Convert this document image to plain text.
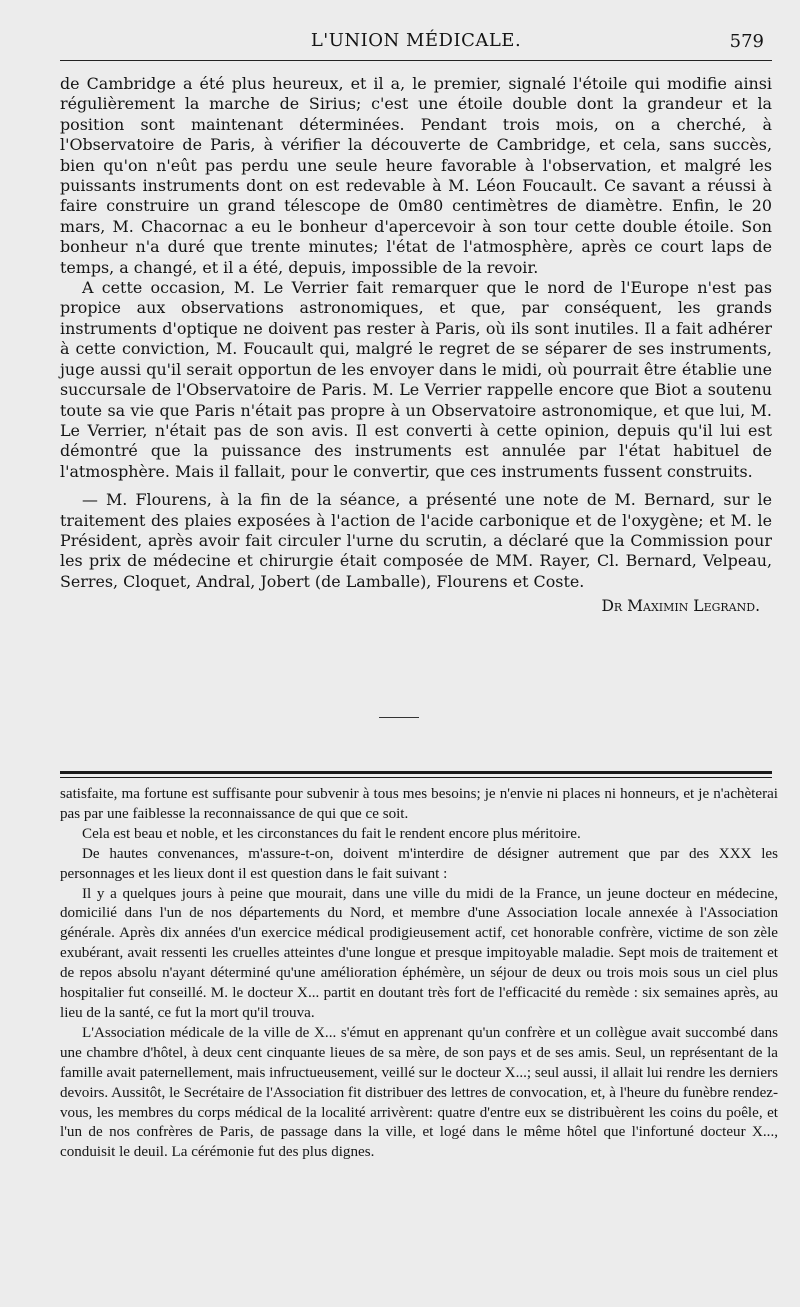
L'UNION MÉDICALE.	579

de Cambridge a été plus heureux, et il a, le premier, signalé l'étoile qui modifie ainsi régulièrement la marche de Sirius; c'est une étoile double dont la grandeur et la position sont maintenant déterminées. Pendant trois mois, on a cherché, à l'Observatoire de Paris, à vérifier la découverte de Cambridge, et cela, sans succès, bien qu'on n'eût pas perdu une seule heure favorable à l'observation, et malgré les puissants instruments dont on est redevable à M. Léon Foucault. Ce savant a réussi à faire construire un grand télescope de 0m80 centimètres de diamètre. Enfin, le 20 mars, M. Chacornac a eu le bonheur d'apercevoir à son tour cette double étoile. Son bonheur n'a duré que trente minutes; l'état de l'atmosphère, après ce court laps de temps, a changé, et il a été, depuis, impossible de la revoir.

A cette occasion, M. Le Verrier fait remarquer que le nord de l'Europe n'est pas propice aux observations astronomiques, et que, par conséquent, les grands instruments d'optique ne doivent pas rester à Paris, où ils sont inutiles. Il a fait adhérer à cette conviction, M. Foucault qui, malgré le regret de se séparer de ses instruments, juge aussi qu'il serait opportun de les envoyer dans le midi, où pourrait être établie une succursale de l'Observatoire de Paris. M. Le Verrier rappelle encore que Biot a soutenu toute sa vie que Paris n'était pas propre à un Observatoire astronomique, et que lui, M. Le Verrier, n'était pas de son avis. Il est converti à cette opinion, depuis qu'il lui est démontré que la puissance des instruments est annulée par l'état habituel de l'atmosphère. Mais il fallait, pour le convertir, que ces instruments fussent construits.

— M. Flourens, à la fin de la séance, a présenté une note de M. Bernard, sur le traitement des plaies exposées à l'action de l'acide carbonique et de l'oxygène; et M. le Président, après avoir fait circuler l'urne du scrutin, a déclaré que la Commission pour les prix de médecine et chirurgie était composée de MM. Rayer, Cl. Bernard, Velpeau, Serres, Cloquet, Andral, Jobert (de Lamballe), Flourens et Coste.

Dr Maximin Legrand.

satisfaite, ma fortune est suffisante pour subvenir à tous mes besoins; je n'envie ni places ni honneurs, et je n'achèterai pas par une faiblesse la reconnaissance de qui que ce soit.

Cela est beau et noble, et les circonstances du fait le rendent encore plus méritoire.

De hautes convenances, m'assure-t-on, doivent m'interdire de désigner autrement que par des XXX les personnages et les lieux dont il est question dans le fait suivant :

Il y a quelques jours à peine que mourait, dans une ville du midi de la France, un jeune docteur en médecine, domicilié dans l'un de nos départements du Nord, et membre d'une Association locale annexée à l'Association générale. Après dix années d'un exercice médical prodigieusement actif, cet honorable confrère, victime de son zèle exubérant, avait ressenti les cruelles atteintes d'une longue et presque impitoyable maladie. Sept mois de traitement et de repos absolu n'ayant déterminé qu'une amélioration éphémère, un séjour de deux ou trois mois sous un ciel plus hospitalier fut conseillé. M. le docteur X... partit en doutant très fort de l'efficacité du remède : six semaines après, au lieu de la santé, ce fut la mort qu'il trouva.

L'Association médicale de la ville de X... s'émut en apprenant qu'un confrère et un collègue avait succombé dans une chambre d'hôtel, à deux cent cinquante lieues de sa mère, de son pays et de ses amis. Seul, un représentant de la famille avait paternellement, mais infructueusement, veillé sur le docteur X...; seul aussi, il allait lui rendre les derniers devoirs. Aussitôt, le Secrétaire de l'Association fit distribuer des lettres de convocation, et, à l'heure du funèbre rendez-vous, les membres du corps médical de la localité arrivèrent: quatre d'entre eux se distribuèrent les coins du poêle, et l'un de nos confrères de Paris, de passage dans la ville, et logé dans le même hôtel que l'infortuné docteur X..., conduisit le deuil. La cérémonie fut des plus dignes.
